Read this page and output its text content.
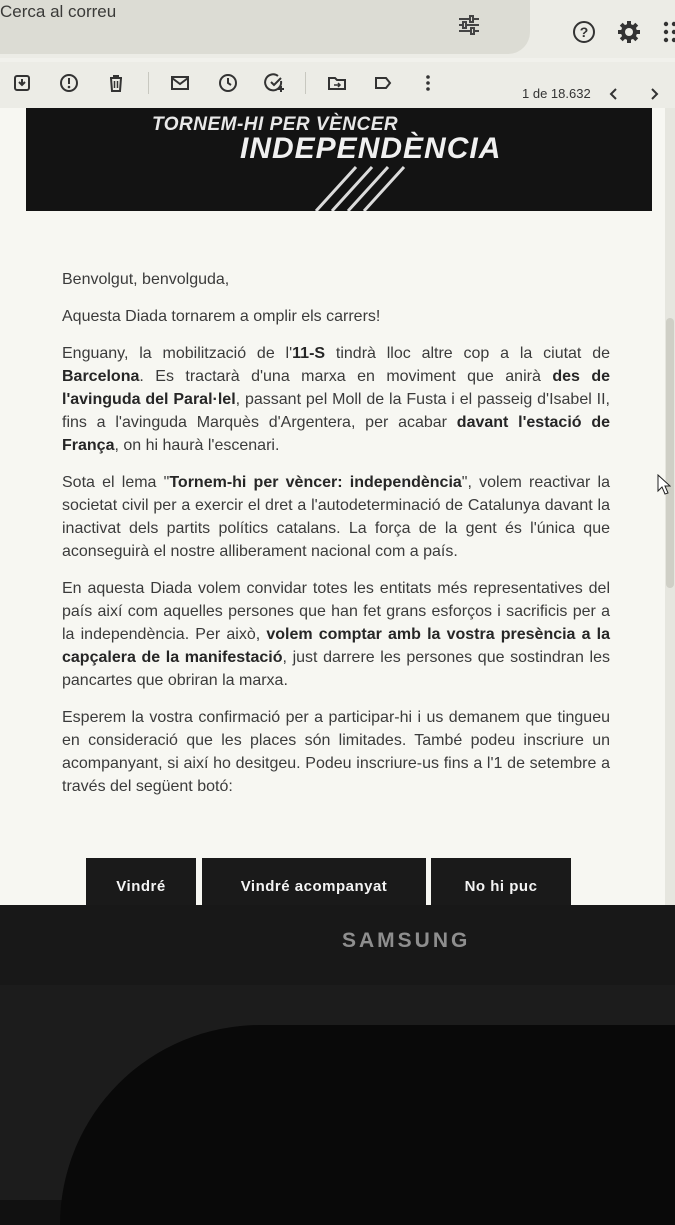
Cerca al correu
?
1 de 18.632
TORNEM-HI PER VÈNCER
INDEPENDÈNCIA

Benvolgut, benvolguda,

Aquesta Diada tornarem a omplir els carrers!

Enguany, la mobilització de l'11-S tindrà lloc altre cop a la ciutat de Barcelona. Es tractarà d'una marxa en moviment que anirà des de l'avinguda del Paral·lel, passant pel Moll de la Fusta i el passeig d'Isabel II, fins a l'avinguda Marquès d'Argentera, per acabar davant l'estació de França, on hi haurà l'escenari.

Sota el lema "Tornem-hi per vèncer: independència", volem reactivar la societat civil per a exercir el dret a l'autodeterminació de Catalunya davant la inactivat dels partits polítics catalans. La força de la gent és l'única que aconseguirà el nostre alliberament nacional com a país.

En aquesta Diada volem convidar totes les entitats més representatives del país així com aquelles persones que han fet grans esforços i sacrificis per a la independència. Per això, volem comptar amb la vostra presència a la capçalera de la manifestació, just darrere les persones que sostindran les pancartes que obriran la marxa.

Esperem la vostra confirmació per a participar-hi i us demanem que tingueu en consideració que les places són limitades. També podeu inscriure un acompanyant, si així ho desitgeu. Podeu inscriure-us fins a l'1 de setembre a través del següent botó:

Vindré	Vindré acompanyat	No hi puc
SAMSUNG
